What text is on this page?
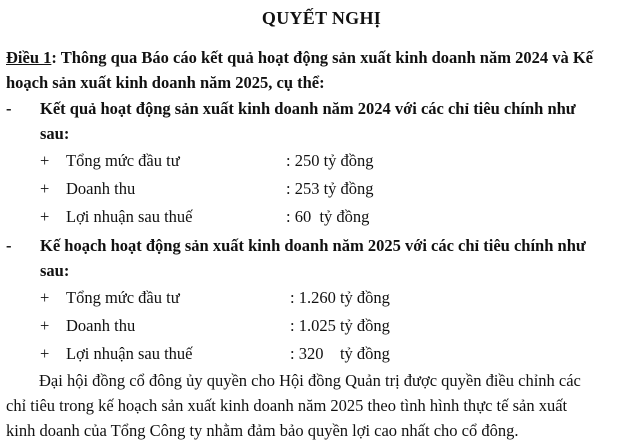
QUYẾT NGHỊ
Điều 1: Thông qua Báo cáo kết quả hoạt động sản xuất kinh doanh năm 2024 và Kế
hoạch sản xuất kinh doanh năm 2025, cụ thể:
- Kết quả hoạt động sản xuất kinh doanh năm 2024 với các chỉ tiêu chính như
sau:
+ Tổng mức đầu tư	: 250 tỷ đồng
+ Doanh thu	: 253 tỷ đồng
+ Lợi nhuận sau thuế	: 60  tỷ đồng
- Kế hoạch hoạt động sản xuất kinh doanh năm 2025 với các chỉ tiêu chính như
sau:
+ Tổng mức đầu tư	: 1.260 tỷ đồng
+ Doanh thu	: 1.025 tỷ đồng
+ Lợi nhuận sau thuế	: 320    tỷ đồng
Đại hội đồng cổ đông ủy quyền cho Hội đồng Quản trị được quyền điều chỉnh các
chỉ tiêu trong kế hoạch sản xuất kinh doanh năm 2025 theo tình hình thực tế sản xuất
kinh doanh của Tổng Công ty nhằm đảm bảo quyền lợi cao nhất cho cổ đông.
